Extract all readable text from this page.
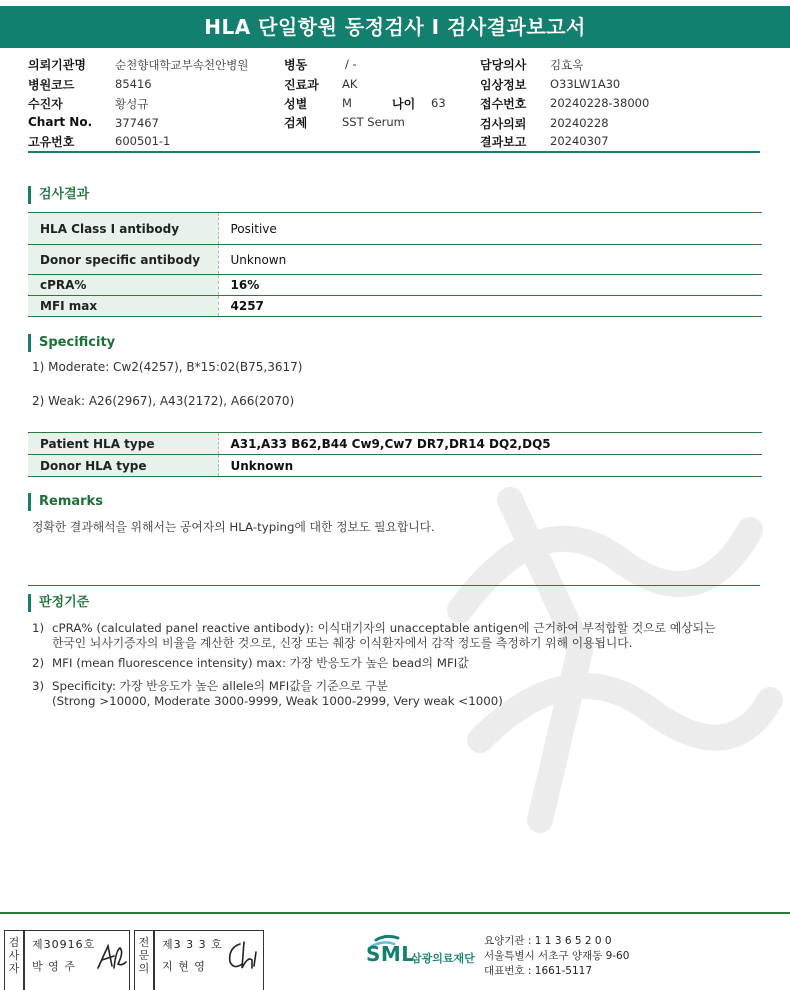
HLA 단일항원 동정검사 I 검사결과보고서
의뢰기관명	순천향대학교부속천안병원
병원코드	85416
수진자	황성규
Chart No. 377467
고유번호	600501-1
병동	/ -
진료과 AK
성별	M	나이 63
검체	SST Serum
담당의사 김효욱
임상정보 O33LW1A30
접수번호 20240228-38000
검사의뢰 20240228
결과보고 20240307
검사결과
HLA Class I antibody	Positive
Donor specific antibody	Unknown
cPRA%	16%
MFI max	4257
Specificity
1) Moderate: Cw2(4257), B*15:02(B75,3617)
2) Weak: A26(2967), A43(2172), A66(2070)
Patient HLA type	A31,A33 B62,B44 Cw9,Cw7 DR7,DR14 DQ2,DQ5
Donor HLA type	Unknown
Remarks
정확한 결과해석을 위해서는 공여자의 HLA-typing에 대한 정보도 필요합니다.
판정기준
1) cPRA% (calculated panel reactive antibody): 이식대기자의 unacceptable antigen에 근거하여 부적합할 것으로 예상되는
한국인 뇌사기증자의 비율을 계산한 것으로, 신장 또는 췌장 이식환자에서 감작 정도를 측정하기 위해 이용됩니다.
2) MFI (mean fluorescence intensity) max: 가장 반응도가 높은 bead의 MFI값
3) Specificity: 가장 반응도가 높은 allele의 MFI값을 기준으로 구분
(Strong >10000, Moderate 3000-9999, Weak 1000-2999, Very weak <1000)
검사자
제30916호
박 영 주
전문의
제3 3 3 호
지 현 영
SML
삼광의료재단
요양기관 : 1 1 3 6 5 2 0 0
서울특별시 서초구 양재동 9-60
대표번호 : 1661-5117
